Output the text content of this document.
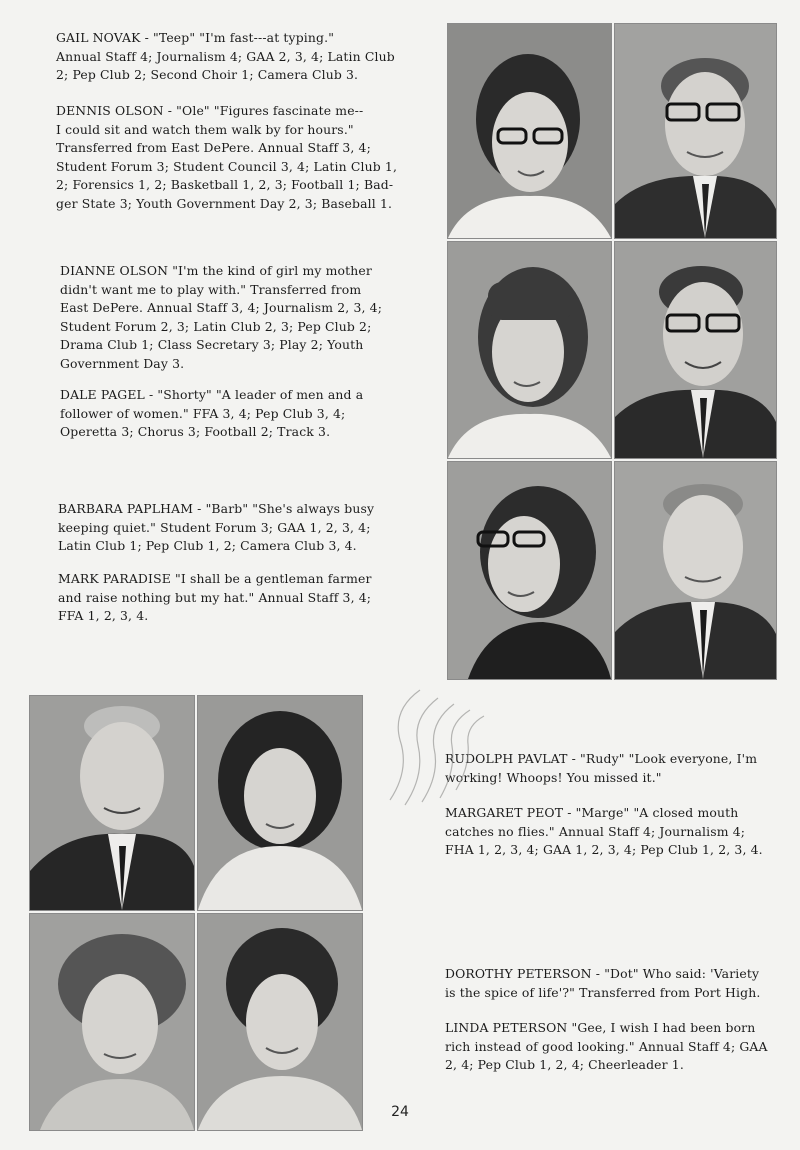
GAIL NOVAK - "Teep" "I'm fast---at typing."
Annual Staff 4; Journalism 4; GAA 2, 3, 4; Latin Club
2; Pep Club 2; Second Choir 1; Camera Club 3.
DENNIS OLSON - "Ole" "Figures fascinate me--
I could sit and watch them walk by for hours."
Transferred from East DePere. Annual Staff 3, 4;
Student Forum 3; Student Council 3, 4; Latin Club 1,
2; Forensics 1, 2; Basketball 1, 2, 3; Football 1; Bad-
ger State 3; Youth Government Day 2, 3; Baseball 1.
DIANNE OLSON "I'm the kind of girl my mother
didn't want me to play with." Transferred from
East DePere. Annual Staff 3, 4; Journalism 2, 3, 4;
Student Forum 2, 3; Latin Club 2, 3; Pep Club 2;
Drama Club 1; Class Secretary 3; Play 2; Youth
Government Day 3.
DALE PAGEL - "Shorty" "A leader of men and a
follower of women." FFA 3, 4; Pep Club 3, 4;
Operetta 3; Chorus 3; Football 2; Track 3.
BARBARA PAPLHAM - "Barb" "She's always busy
keeping quiet." Student Forum 3; GAA 1, 2, 3, 4;
Latin Club 1; Pep Club 1, 2; Camera Club 3, 4.
MARK PARADISE "I shall be a gentleman farmer
and raise nothing but my hat." Annual Staff 3, 4;
FFA 1, 2, 3, 4.
RUDOLPH PAVLAT - "Rudy" "Look everyone, I'm
working! Whoops! You missed it."
MARGARET PEOT - "Marge" "A closed mouth
catches no flies." Annual Staff 4; Journalism 4;
FHA 1, 2, 3, 4; GAA 1, 2, 3, 4; Pep Club 1, 2, 3, 4.
DOROTHY PETERSON - "Dot" Who said: 'Variety
is the spice of life'?" Transferred from Port High.
LINDA PETERSON "Gee, I wish I had been born
rich instead of good looking." Annual Staff 4; GAA
2, 4; Pep Club 1, 2, 4; Cheerleader 1.
24
